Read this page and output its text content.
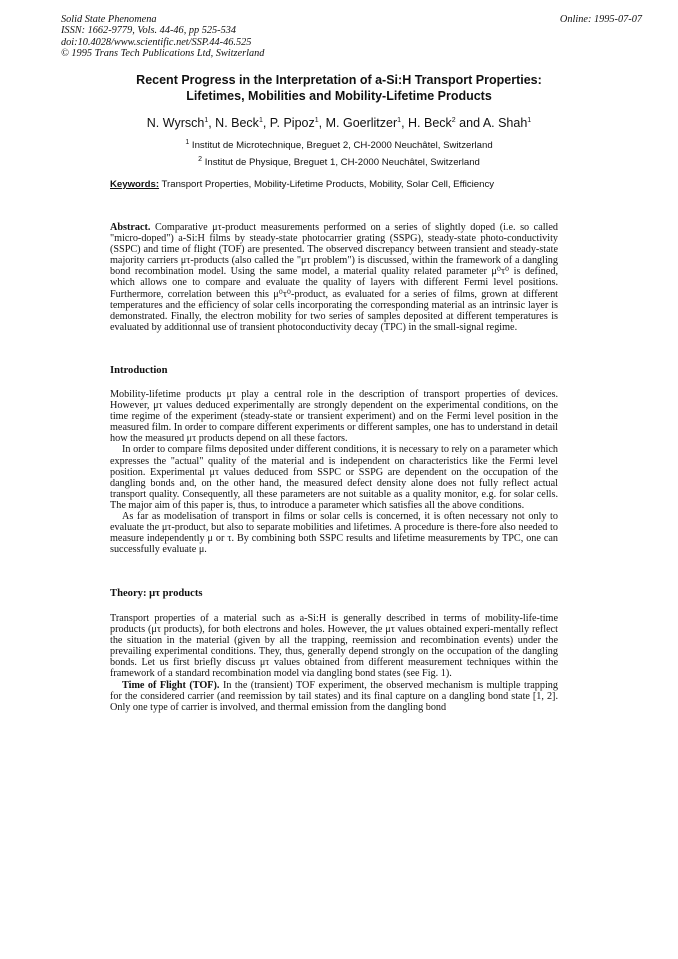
Solid State Phenomena
ISSN: 1662-9779, Vols. 44-46, pp 525-534
doi:10.4028/www.scientific.net/SSP.44-46.525
© 1995 Trans Tech Publications Ltd, Switzerland
Online: 1995-07-07
Recent Progress in the Interpretation of a-Si:H Transport Properties:
Lifetimes, Mobilities and Mobility-Lifetime Products
N. Wyrsch$^1$, N. Beck$^1$, P. Pipoz$^1$, M. Goerlitzer$^1$, H. Beck$^2$ and A. Shah$^1$
$^1$ Institut de Microtechnique, Breguet 2, CH-2000 Neuchâtel, Switzerland
$^2$ Institut de Physique, Breguet 1, CH-2000 Neuchâtel, Switzerland
Keywords: Transport Properties, Mobility-Lifetime Products, Mobility, Solar Cell, Efficiency

Abstract. Comparative μτ-product measurements performed on a series of slightly doped (i.e. so called "micro-doped") a-Si:H films by steady-state photocarrier grating (SSPG), steady-state photo-conductivity (SSPC) and time of flight (TOF) are presented. The observed discrepancy between transient and steady-state majority carriers μτ-products (also called the "μτ problem") is discussed, within the framework of a dangling bond recombination model. Using the same model, a material quality related parameter μ⁰τ⁰ is defined, which allows one to compare and evaluate the quality of layers with different Fermi level positions. Furthermore, correlation between this μ⁰τ⁰-product, as evaluated for a series of films, grown at different temperatures and the efficiency of solar cells incorporating the corresponding material as an intrinsic layer is demonstrated. Finally, the electron mobility for two series of samples deposited at different temperatures is evaluated by additionnal use of transient photoconductivity decay (TPC) in the small-signal regime.

Introduction

Mobility-lifetime products μτ play a central role in the description of transport properties of devices. However, μτ values deduced experimentally are strongly dependent on the experimental conditions, on the time regime of the experiment (steady-state or transient experiment) and on the Fermi level position in the measured film. In order to compare different experiments or different samples, one has to understand in detail how the measured μτ products depend on all these factors.

In order to compare films deposited under different conditions, it is necessary to rely on a parameter which expresses the "actual" quality of the material and is independent on characteristics like the Fermi level position. Experimental μτ values deduced from SSPC or SSPG are dependent on the occupation of the dangling bonds and, on the other hand, the measured defect density alone does not fully reflect actual transport quality. Consequently, all these parameters are not suitable as a quality monitor, e.g. for solar cells. The major aim of this paper is, thus, to introduce a parameter which satisfies all the above conditions.

As far as modelisation of transport in films or solar cells is concerned, it is often necessary not only to evaluate the μτ-product, but also to separate mobilities and lifetimes. A procedure is there-fore also needed to measure independently μ or τ. By combining both SSPC results and lifetime measurements by TPC, one can successfully evaluate μ.

Theory: μτ products

Transport properties of a material such as a-Si:H is generally described in terms of mobility-life-time products (μτ products), for both electrons and holes. However, the μτ values obtained experi-mentally reflect the situation in the material (given by all the trapping, reemission and recombination events) under the prevailing experimental conditions. They, thus, generally depend strongly on the occupation of the dangling bonds. Let us first briefly discuss μτ values obtained from different measurement techniques within the framework of a standard recombination model via dangling bond states (see Fig. 1).

Time of Flight (TOF). In the (transient) TOF experiment, the observed mechanism is multiple trapping for the considered carrier (and reemission by tail states) and its final capture on a dangling bond state [1, 2]. Only one type of carrier is involved, and thermal emission from the dangling bond
